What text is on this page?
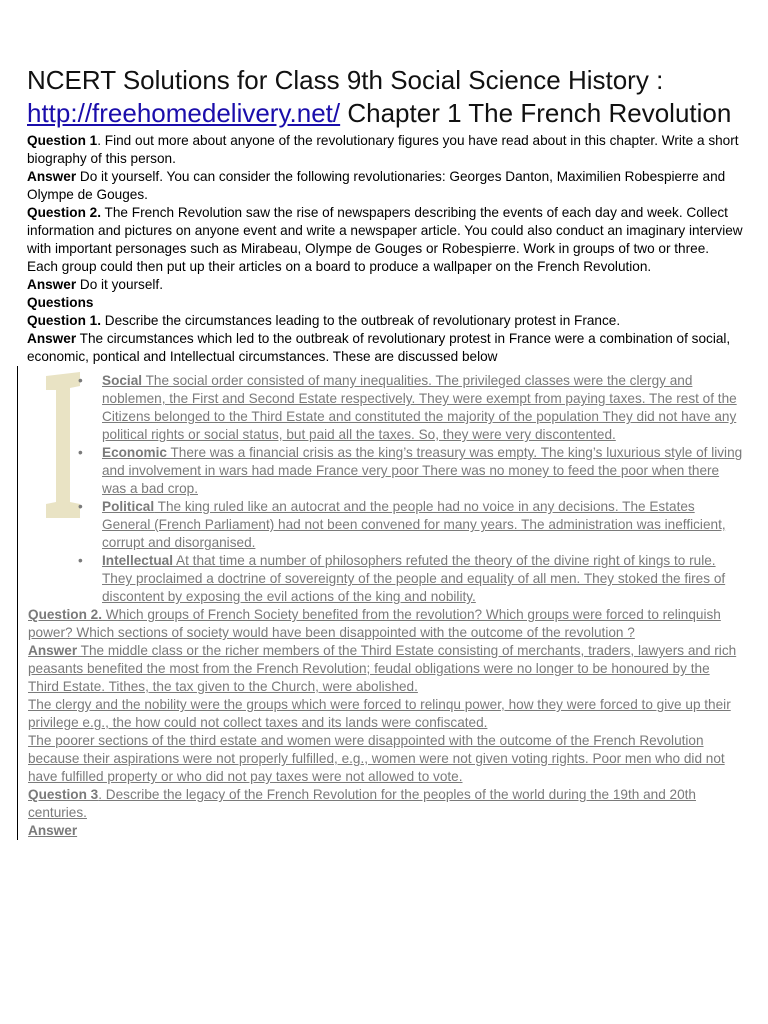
NCERT Solutions for Class 9th Social Science History :
http://freehomedelivery.net/ Chapter 1 The French Revolution

Question 1. Find out more about anyone of the revolutionary figures you have read about in this chapter. Write a short biography of this person.

Answer Do it yourself. You can consider the following revolutionaries: Georges Danton, Maximilien Robespierre and Olympe de Gouges.

Question 2. The French Revolution saw the rise of newspapers describing the events of each day and week. Collect information and pictures on anyone event and write a newspaper article. You could also conduct an imaginary interview with important personages such as Mirabeau, Olympe de Gouges or Robespierre. Work in groups of two or three. Each group could then put up their articles on a board to produce a wallpaper on the French Revolution.

Answer Do it yourself.

Questions

Question 1. Describe the circumstances leading to the outbreak of revolutionary protest in France.

Answer The circumstances which led to the outbreak of revolutionary protest in France were a combination of social, economic, pontical and Intellectual circumstances. These are discussed below

• Social The social order consisted of many inequalities. The privileged classes were the clergy and noblemen, the First and Second Estate respectively. They were exempt from paying taxes. The rest of the Citizens belonged to the Third Estate and constituted the majority of the population They did not have any political rights or social status, but paid all the taxes. So, they were very discontented.
• Economic There was a financial crisis as the king’s treasury was empty. The king’s luxurious style of living and involvement in wars had made France very poor There was no money to feed the poor when there was a bad crop.
• Political The king ruled like an autocrat and the people had no voice in any decisions. The Estates General (French Parliament) had not been convened for many years. The administration was inefficient, corrupt and disorganised.
• Intellectual At that time a number of philosophers refuted the theory of the divine right of kings to rule. They proclaimed a doctrine of sovereignty of the people and equality of all men. They stoked the fires of discontent by exposing the evil actions of the king and nobility.

Question 2. Which groups of French Society benefited from the revolution? Which groups were forced to relinquish power? Which sections of society would have been disappointed with the outcome of the revolution ?

Answer The middle class or the richer members of the Third Estate consisting of merchants, traders, lawyers and rich peasants benefited the most from the French Revolution; feudal obligations were no longer to be honoured by the Third Estate. Tithes, the tax given to the Church, were abolished.

The clergy and the nobility were the groups which were forced to relinqu power, how they were forced to give up their privilege e.g., the how could not collect taxes and its lands were confiscated.

The poorer sections of the third estate and women were disappointed with the outcome of the French Revolution because their aspirations were not properly fulfilled, e.g., women were not given voting rights. Poor men who did not have fulfilled property or who did not pay taxes were not allowed to vote.

Question 3. Describe the legacy of the French Revolution for the peoples of the world during the 19th and 20th centuries.

Answer
